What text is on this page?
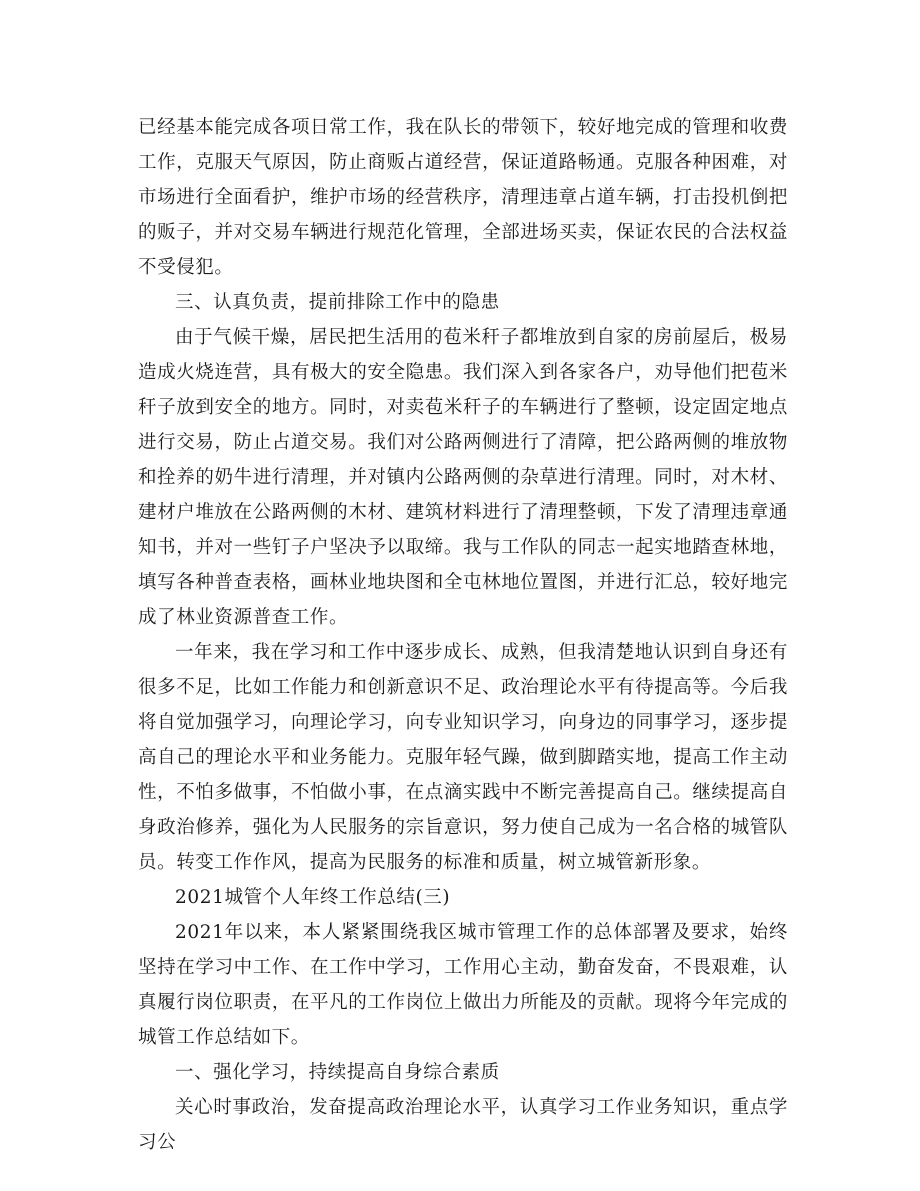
已经基本能完成各项日常工作，我在队长的带领下，较好地完成的管理和收费工作，克服天气原因，防止商贩占道经营，保证道路畅通。克服各种困难，对市场进行全面看护，维护市场的经营秩序，清理违章占道车辆，打击投机倒把的贩子，并对交易车辆进行规范化管理，全部进场买卖，保证农民的合法权益不受侵犯。

三、认真负责，提前排除工作中的隐患

由于气候干燥，居民把生活用的苞米秆子都堆放到自家的房前屋后，极易造成火烧连营，具有极大的安全隐患。我们深入到各家各户，劝导他们把苞米秆子放到安全的地方。同时，对卖苞米秆子的车辆进行了整顿，设定固定地点进行交易，防止占道交易。我们对公路两侧进行了清障，把公路两侧的堆放物和拴养的奶牛进行清理，并对镇内公路两侧的杂草进行清理。同时，对木材、建材户堆放在公路两侧的木材、建筑材料进行了清理整顿，下发了清理违章通知书，并对一些钉子户坚决予以取缔。我与工作队的同志一起实地踏查林地，填写各种普查表格，画林业地块图和全屯林地位置图，并进行汇总，较好地完成了林业资源普查工作。

一年来，我在学习和工作中逐步成长、成熟，但我清楚地认识到自身还有很多不足，比如工作能力和创新意识不足、政治理论水平有待提高等。今后我将自觉加强学习，向理论学习，向专业知识学习，向身边的同事学习，逐步提高自己的理论水平和业务能力。克服年轻气躁，做到脚踏实地，提高工作主动性，不怕多做事，不怕做小事，在点滴实践中不断完善提高自己。继续提高自身政治修养，强化为人民服务的宗旨意识，努力使自己成为一名合格的城管队员。转变工作作风，提高为民服务的标准和质量，树立城管新形象。

2021城管个人年终工作总结(三)

2021年以来，本人紧紧围绕我区城市管理工作的总体部署及要求，始终坚持在学习中工作、在工作中学习，工作用心主动，勤奋发奋，不畏艰难，认真履行岗位职责，在平凡的工作岗位上做出力所能及的贡献。现将今年完成的城管工作总结如下。

一、强化学习，持续提高自身综合素质

关心时事政治，发奋提高政治理论水平，认真学习工作业务知识，重点学习公
